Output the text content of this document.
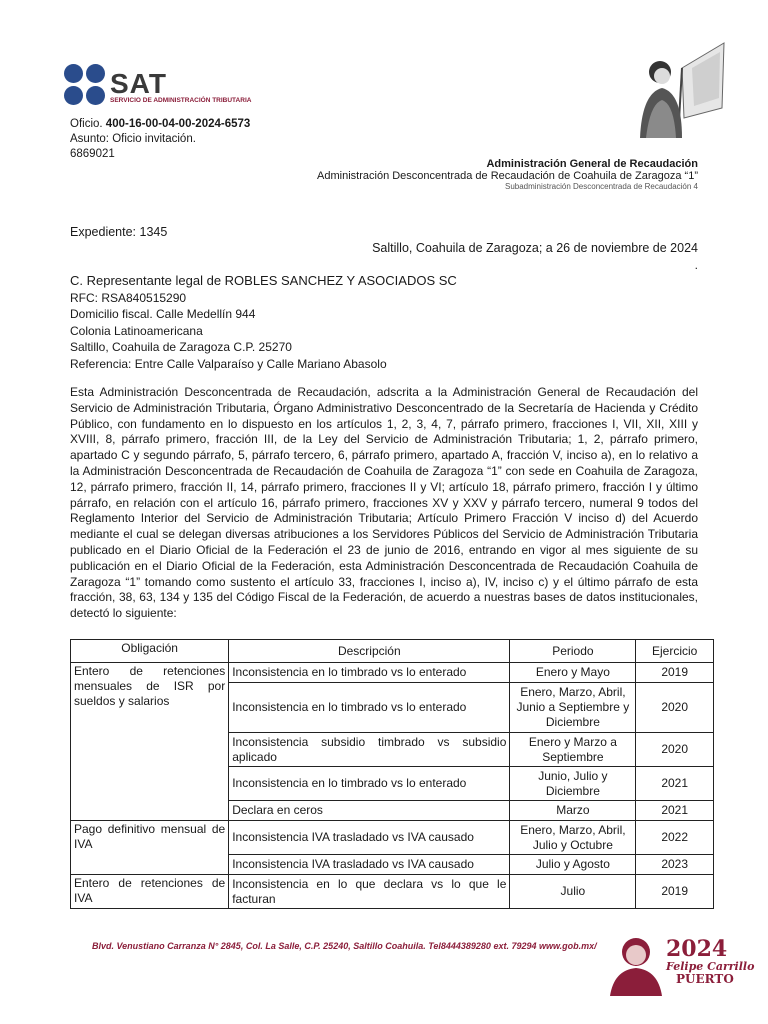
SAT
SERVICIO DE ADMINISTRACIÓN TRIBUTARIA
Oficio. 400-16-00-04-00-2024-6573
Asunto: Oficio invitación.
6869021
Administración General de Recaudación
Administración Desconcentrada de Recaudación de Coahuila de Zaragoza “1”
Subadministración Desconcentrada de Recaudación 4
Expediente: 1345
Saltillo, Coahuila de Zaragoza; a 26 de noviembre de 2024
.
C. Representante legal de ROBLES SANCHEZ Y ASOCIADOS SC
RFC: RSA840515290
Domicilio fiscal. Calle Medellín 944
Colonia Latinoamericana
Saltillo, Coahuila de Zaragoza C.P. 25270
Referencia: Entre Calle Valparaíso y Calle Mariano Abasolo
Esta Administración Desconcentrada de Recaudación, adscrita a la Administración General de Recaudación del Servicio de Administración Tributaria, Órgano Administrativo Desconcentrado de la Secretaría de Hacienda y Crédito Público, con fundamento en lo dispuesto en los artículos 1, 2, 3, 4, 7, párrafo primero, fracciones I, VII, XII, XIII y XVIII, 8, párrafo primero, fracción III, de la Ley del Servicio de Administración Tributaria; 1, 2, párrafo primero, apartado C y segundo párrafo, 5, párrafo tercero, 6, párrafo primero, apartado A, fracción V, inciso a), en lo relativo a la Administración Desconcentrada de Recaudación de Coahuila de Zaragoza “1” con sede en Coahuila de Zaragoza, 12, párrafo primero, fracción II, 14, párrafo primero, fracciones II y VI; artículo 18, párrafo primero, fracción I y último párrafo, en relación con el artículo 16, párrafo primero, fracciones XV y XXV y párrafo tercero, numeral 9 todos del Reglamento Interior del Servicio de Administración Tributaria; Artículo Primero Fracción V inciso d) del Acuerdo mediante el cual se delegan diversas atribuciones a los Servidores Públicos del Servicio de Administración Tributaria publicado en el Diario Oficial de la Federación el 23 de junio de 2016, entrando en vigor al mes siguiente de su publicación en el Diario Oficial de la Federación, esta Administración Desconcentrada de Recaudación Coahuila de Zaragoza “1” tomando como sustento el artículo 33, fracciones I, inciso a), IV, inciso c) y el último párrafo de esta fracción, 38, 63, 134 y 135 del Código Fiscal de la Federación, de acuerdo a nuestras bases de datos institucionales, detectó lo siguiente:
Obligación	Descripción	Periodo	Ejercicio
Entero de retenciones mensuales de ISR por sueldos y salarios	Inconsistencia en lo timbrado vs lo enterado	Enero y Mayo	2019
	Inconsistencia en lo timbrado vs lo enterado	Enero, Marzo, Abril, Junio a Septiembre y Diciembre	2020
	Inconsistencia subsidio timbrado vs subsidio aplicado	Enero y Marzo a Septiembre	2020
	Inconsistencia en lo timbrado vs lo enterado	Junio, Julio y Diciembre	2021
	Declara en ceros	Marzo	2021
Pago definitivo mensual de IVA	Inconsistencia IVA trasladado vs IVA causado	Enero, Marzo, Abril, Julio y Octubre	2022
	Inconsistencia IVA trasladado vs IVA causado	Julio y Agosto	2023
Entero de retenciones de IVA	Inconsistencia en lo que declara vs lo que le facturan	Julio	2019
Blvd. Venustiano Carranza N° 2845, Col. La Salle, C.P. 25240, Saltillo Coahuila. Tel8444389280 ext. 79294 www.gob.mx/	2024
Felipe Carrillo
PUERTO
